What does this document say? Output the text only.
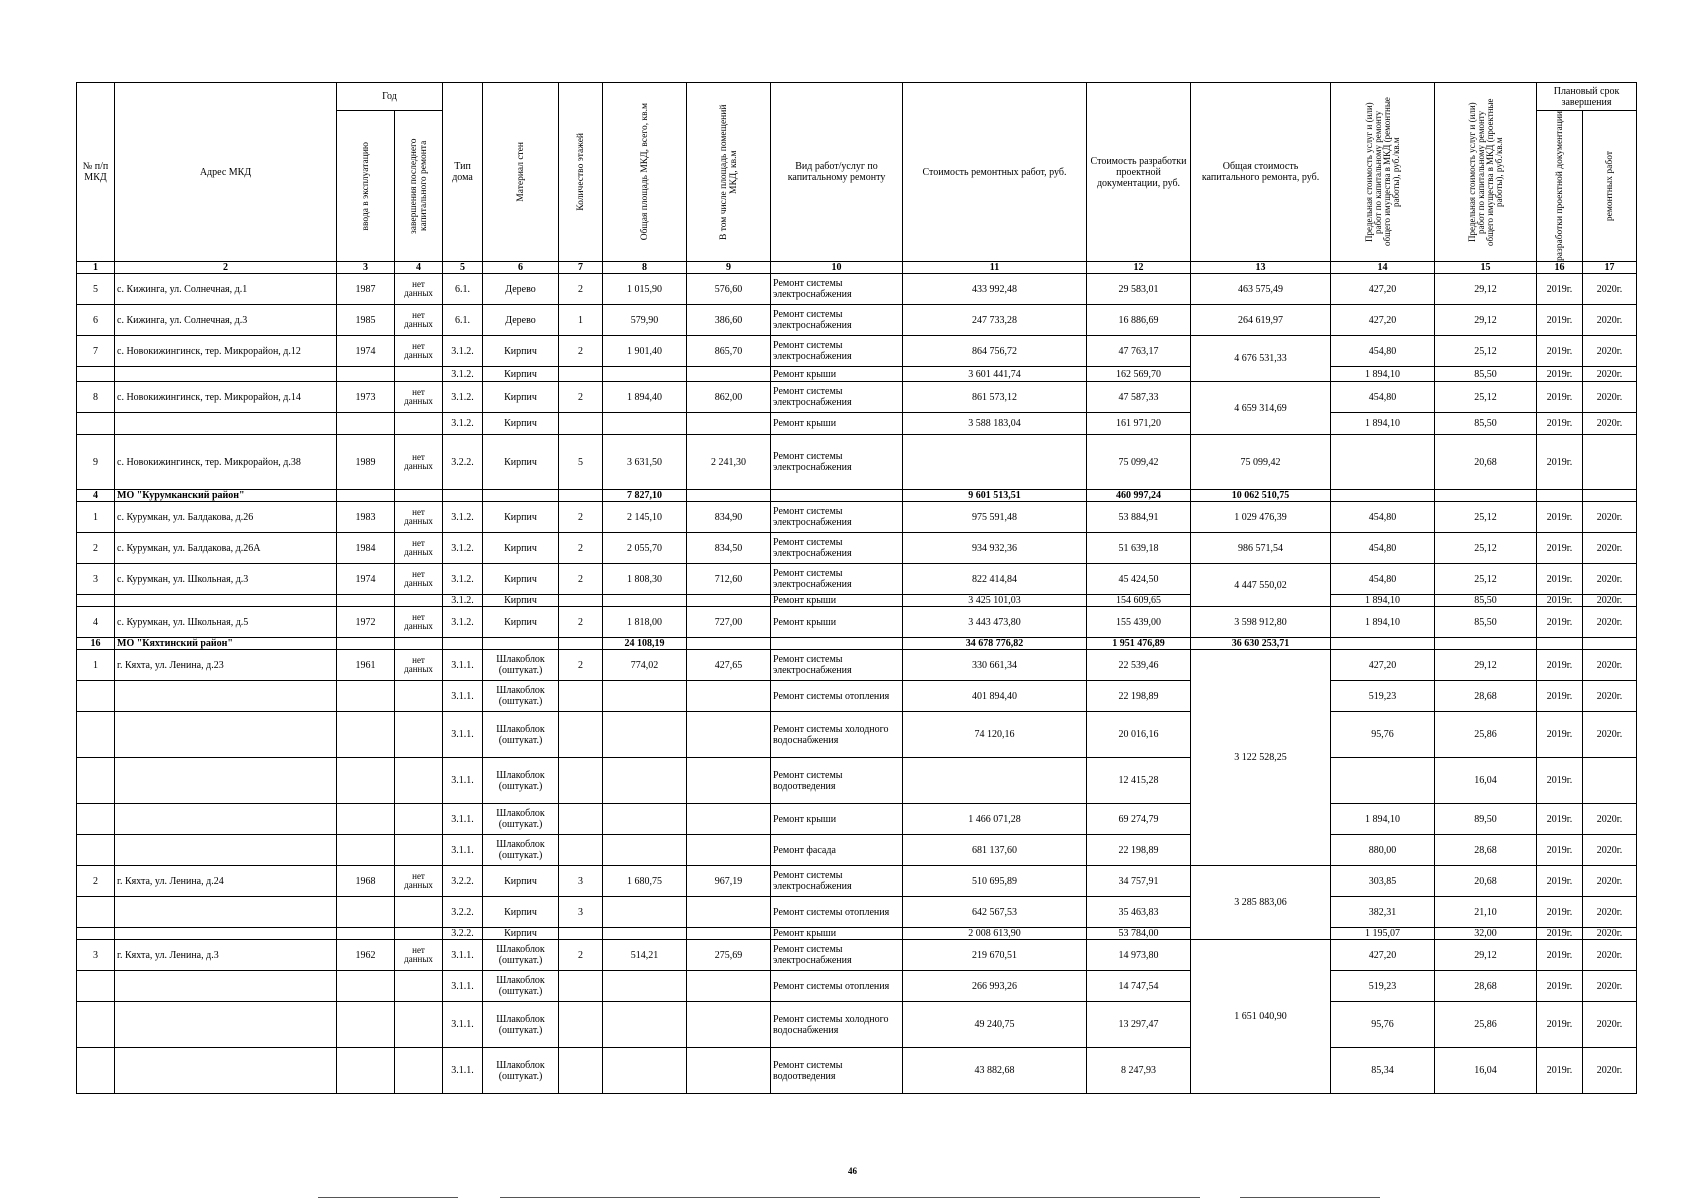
№ п/п МКД	Адрес МКД	Год		Тип дома	Материал стен	Количество этажей	Общая площадь МКД, всего, кв.м	В том числе площадь помещений МКД, кв.м	Вид работ/услуг по капитальному ремонту	Стоимость ремонтных работ, руб.	Стоимость разработки проектной документации, руб.	Общая стоимость капитального ремонта, руб.	Предельная стоимость услуг и (или) работ по капитальному ремонту общего имущества в МКД (ремонтные работы), руб./кв.м	Предельная стоимость услуг и (или) работ по капитальному ремонту общего имущества в МКД (проектные работы), руб./кв.м	Плановый срок завершения	

		ввода в эксплуатацию	завершения последнего капитального ремонта												разработки проектной документации	ремонтных работ

1	2	3	4	5	6	7	8	9	10	11	12	13	14	15	16	17
5	с. Кижинга, ул. Солнечная, д.1	1987	нет данных	6.1.	Дерево	2	1 015,90	576,60	Ремонт системы электроснабжения	433 992,48	29 583,01	463 575,49	427,20	29,12	2019г.	2020г.
6	с. Кижинга, ул. Солнечная, д.3	1985	нет данных	6.1.	Дерево	1	579,90	386,60	Ремонт системы электроснабжения	247 733,28	16 886,69	264 619,97	427,20	29,12	2019г.	2020г.
7	с. Новокижингинск, тер. Микрорайон, д.12	1974	нет данных	3.1.2.	Кирпич	2	1 901,40	865,70	Ремонт системы электроснабжения	864 756,72	47 763,17	4 676 531,33	454,80	25,12	2019г.	2020г.
				3.1.2.	Кирпич				Ремонт крыши	3 601 441,74	162 569,70		1 894,10	85,50	2019г.	2020г.
8	с. Новокижингинск, тер. Микрорайон, д.14	1973	нет данных	3.1.2.	Кирпич	2	1 894,40	862,00	Ремонт системы электроснабжения	861 573,12	47 587,33	4 659 314,69	454,80	25,12	2019г.	2020г.
				3.1.2.	Кирпич				Ремонт крыши	3 588 183,04	161 971,20		1 894,10	85,50	2019г.	2020г.
9	с. Новокижингинск, тер. Микрорайон, д.38	1989	нет данных	3.2.2.	Кирпич	5	3 631,50	2 241,30	Ремонт системы электроснабжения		75 099,42	75 099,42		20,68	2019г.	
4	МО "Курумканский район"						7 827,10			9 601 513,51	460 997,24	10 062 510,75				
1	с. Курумкан, ул. Балдакова, д.26	1983	нет данных	3.1.2.	Кирпич	2	2 145,10	834,90	Ремонт системы электроснабжения	975 591,48	53 884,91	1 029 476,39	454,80	25,12	2019г.	2020г.
2	с. Курумкан, ул. Балдакова, д.26А	1984	нет данных	3.1.2.	Кирпич	2	2 055,70	834,50	Ремонт системы электроснабжения	934 932,36	51 639,18	986 571,54	454,80	25,12	2019г.	2020г.
3	с. Курумкан, ул. Школьная, д.3	1974	нет данных	3.1.2.	Кирпич	2	1 808,30	712,60	Ремонт системы электроснабжения	822 414,84	45 424,50	4 447 550,02	454,80	25,12	2019г.	2020г.
				3.1.2.	Кирпич				Ремонт крыши	3 425 101,03	154 609,65		1 894,10	85,50	2019г.	2020г.
4	с. Курумкан, ул. Школьная, д.5	1972	нет данных	3.1.2.	Кирпич	2	1 818,00	727,00	Ремонт крыши	3 443 473,80	155 439,00	3 598 912,80	1 894,10	85,50	2019г.	2020г.
16	МО "Кяхтинский район"						24 108,19			34 678 776,82	1 951 476,89	36 630 253,71				
1	г. Кяхта, ул. Ленина, д.23	1961	нет данных	3.1.1.	Шлакоблок (оштукат.)	2	774,02	427,65	Ремонт системы электроснабжения	330 661,34	22 539,46	3 122 528,25	427,20	29,12	2019г.	2020г.
				3.1.1.	Шлакоблок (оштукат.)				Ремонт системы отопления	401 894,40	22 198,89		519,23	28,68	2019г.	2020г.
				3.1.1.	Шлакоблок (оштукат.)				Ремонт системы холодного водоснабжения	74 120,16	20 016,16		95,76	25,86	2019г.	2020г.
				3.1.1.	Шлакоблок (оштукат.)				Ремонт системы водоотведения		12 415,28			16,04	2019г.	
				3.1.1.	Шлакоблок (оштукат.)				Ремонт крыши	1 466 071,28	69 274,79		1 894,10	89,50	2019г.	2020г.
				3.1.1.	Шлакоблок (оштукат.)				Ремонт фасада	681 137,60	22 198,89		880,00	28,68	2019г.	2020г.
2	г. Кяхта, ул. Ленина, д.24	1968	нет данных	3.2.2.	Кирпич	3	1 680,75	967,19	Ремонт системы электроснабжения	510 695,89	34 757,91	3 285 883,06	303,85	20,68	2019г.	2020г.
				3.2.2.	Кирпич	3			Ремонт системы отопления	642 567,53	35 463,83		382,31	21,10	2019г.	2020г.
				3.2.2.	Кирпич				Ремонт крыши	2 008 613,90	53 784,00		1 195,07	32,00	2019г.	2020г.
3	г. Кяхта, ул. Ленина, д.3	1962	нет данных	3.1.1.	Шлакоблок (оштукат.)	2	514,21	275,69	Ремонт системы электроснабжения	219 670,51	14 973,80	1 651 040,90	427,20	29,12	2019г.	2020г.
				3.1.1.	Шлакоблок (оштукат.)				Ремонт системы отопления	266 993,26	14 747,54		519,23	28,68	2019г.	2020г.
				3.1.1.	Шлакоблок (оштукат.)				Ремонт системы холодного водоснабжения	49 240,75	13 297,47		95,76	25,86	2019г.	2020г.
				3.1.1.	Шлакоблок (оштукат.)				Ремонт системы водоотведения	43 882,68	8 247,93		85,34	16,04	2019г.	2020г.
46
